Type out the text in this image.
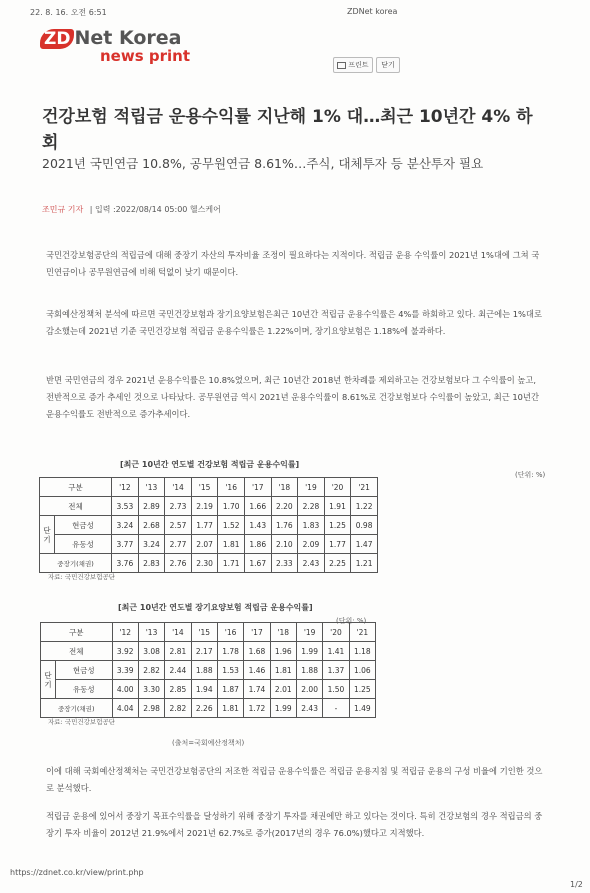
22. 8. 16. 오전 6:51	ZDNet korea
ZD Net Korea
news print	프린트	닫기
건강보험 적립금 운용수익률 지난해 1% 대…최근 10년간 4% 하회
2021년 국민연금 10.8%, 공무원연금 8.61%…주식, 대체투자 등 분산투자 필요
조민규 기자 | 입력 :2022/08/14 05:00 헬스케어
국민건강보험공단의 적립금에 대해 중장기 자산의 투자비율 조정이 필요하다는 지적이다. 적립금 운용 수익률이 2021년 1%대에 그쳐 국민연금이나 공무원연금에 비해 턱없이 낮기 때문이다.
국회예산정책처 분석에 따르면 국민건강보험과 장기요양보험은최근 10년간 적립금 운용수익률은 4%를 하회하고 있다. 최근에는 1%대로 감소했는데 2021년 기준 국민건강보험 적립금 운용수익률은 1.22%이며, 장기요양보험은 1.18%에 불과하다.
반면 국민연금의 경우 2021년 운용수익률은 10.8%였으며, 최근 10년간 2018년 한차례를 제외하고는 건강보험보다 그 수익률이 높고, 전반적으로 증가 추세인 것으로 나타났다. 공무원연금 역시 2021년 운용수익률이 8.61%로 건강보험보다 수익률이 높았고, 최근 10년간 운용수익률도 전반적으로 증가추세이다.
[최근 10년간 연도별 건강보험 적립금 운용수익률]
(단위: %)
구분		'12	'13	'14	'15	'16	'17	'18	'19	'20	'21
전체		3.53	2.89	2.73	2.19	1.70	1.66	2.20	2.28	1.91	1.22
단기	현금성	3.24	2.68	2.57	1.77	1.52	1.43	1.76	1.83	1.25	0.98
	유동성	3.77	3.24	2.77	2.07	1.81	1.86	2.10	2.09	1.77	1.47
중장기(채권)		3.76	2.83	2.76	2.30	1.71	1.67	2.33	2.43	2.25	1.21
자료: 국민건강보험공단
[최근 10년간 연도별 장기요양보험 적립금 운용수익률]
(단위: %)
구분		'12	'13	'14	'15	'16	'17	'18	'19	'20	'21
전체		3.92	3.08	2.81	2.17	1.78	1.68	1.96	1.99	1.41	1.18
단기	현금성	3.39	2.82	2.44	1.88	1.53	1.46	1.81	1.88	1.37	1.06
	유동성	4.00	3.30	2.85	1.94	1.87	1.74	2.01	2.00	1.50	1.25
중장기(채권)		4.04	2.98	2.82	2.26	1.81	1.72	1.99	2.43	-	1.49
자료: 국민건강보험공단
(출처=국회예산정책처)
이에 대해 국회예산정책처는 국민건강보험공단의 저조한 적립금 운용수익률은 적립금 운용지침 및 적립금 운용의 구성 비율에 기인한 것으로 분석했다.
적립금 운용에 있어서 중장기 목표수익률을 달성하기 위해 중장기 투자를 채권에만 하고 있다는 것이다. 특히 건강보험의 경우 적립금의 중장기 투자 비율이 2012년 21.9%에서 2021년 62.7%로 증가(2017년의 경우 76.0%)했다고 지적했다.
https://zdnet.co.kr/view/print.php
1/2
